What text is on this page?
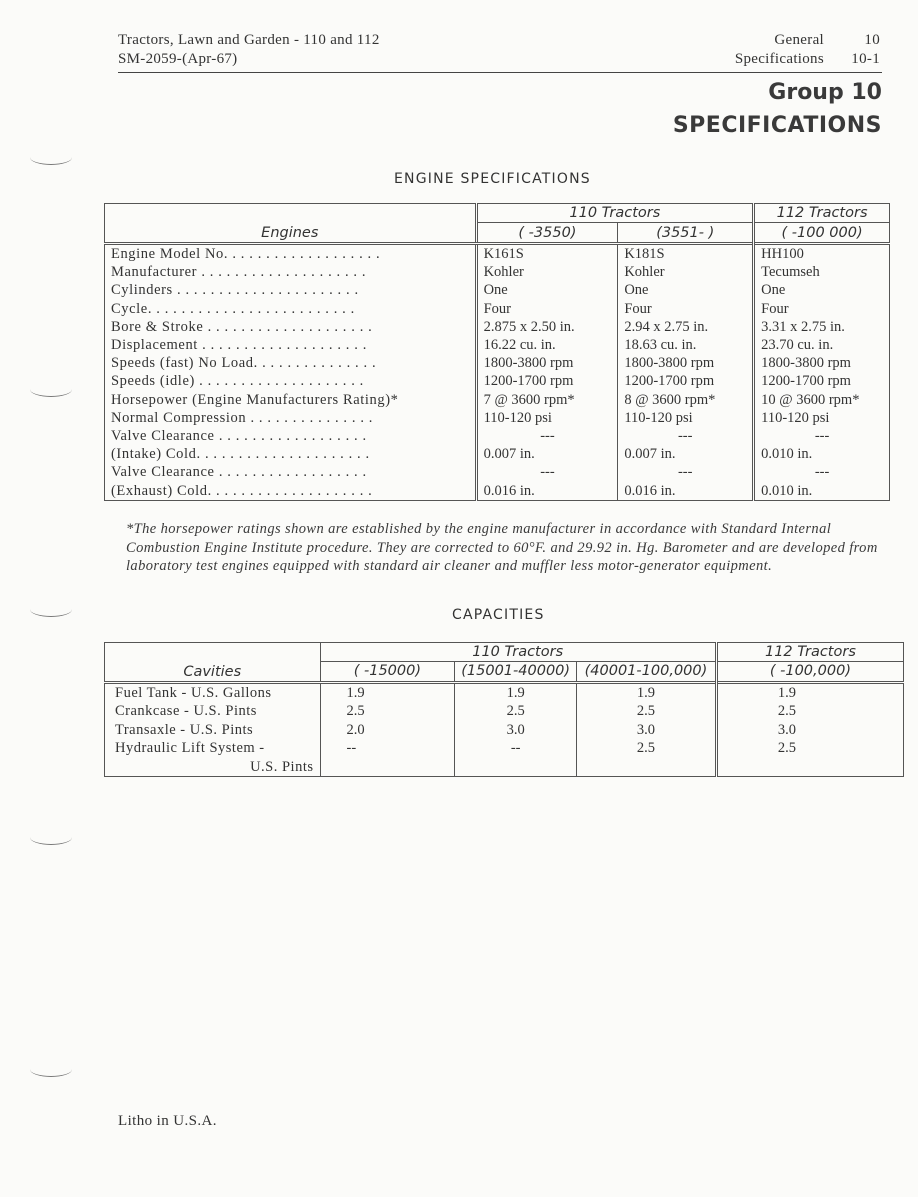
Tractors, Lawn and Garden - 110 and 112
SM-2059-(Apr-67)
General	10
Specifications	10-1
Group 10
SPECIFICATIONS
ENGINE SPECIFICATIONS
Engines	110 Tractors		112 Tractors
	( -3550)	(3551- )	( -100 000)
Engine Model No. . . . . . . . . . . . . . . . . . .	K161S	K181S	HH100
Manufacturer . . . . . . . . . . . . . . . . . . . .	Kohler	Kohler	Tecumseh
Cylinders . . . . . . . . . . . . . . . . . . . . . .	One	One	One
Cycle. . . . . . . . . . . . . . . . . . . . . . . . .	Four	Four	Four
Bore & Stroke . . . . . . . . . . . . . . . . . . . .	2.875 x 2.50 in.	2.94 x 2.75 in.	3.31 x 2.75 in.
Displacement . . . . . . . . . . . . . . . . . . . .	16.22 cu. in.	18.63 cu. in.	23.70 cu. in.
Speeds (fast) No Load. . . . . . . . . . . . . . .	1800-3800 rpm	1800-3800 rpm	1800-3800 rpm
Speeds (idle) . . . . . . . . . . . . . . . . . . . .	1200-1700 rpm	1200-1700 rpm	1200-1700 rpm
Horsepower (Engine Manufacturers Rating)*	7 @ 3600 rpm*	8 @ 3600 rpm*	10 @ 3600 rpm*
Normal Compression . . . . . . . . . . . . . . .	110-120 psi	110-120 psi	110-120 psi
Valve Clearance . . . . . . . . . . . . . . . . . .	---	---	---
(Intake) Cold. . . . . . . . . . . . . . . . . . . . .	0.007 in.	0.007 in.	0.010 in.
Valve Clearance . . . . . . . . . . . . . . . . . .	---	---	---
(Exhaust) Cold. . . . . . . . . . . . . . . . . . . .	0.016 in.	0.016 in.	0.010 in.
*The horsepower ratings shown are established by the engine manufacturer in accordance with Standard Internal Combustion Engine Institute procedure. They are corrected to 60°F. and 29.92 in. Hg. Barometer and are developed from laboratory test engines equipped with standard air cleaner and muffler less motor-generator equipment.
CAPACITIES
Cavities	110 Tractors			112 Tractors
	( -15000)	(15001-40000)	(40001-100,000)	( -100,000)
Fuel Tank - U.S. Gallons	1.9	1.9	1.9	1.9
Crankcase - U.S. Pints	2.5	2.5	2.5	2.5
Transaxle - U.S. Pints	2.0	3.0	3.0	3.0
Hydraulic Lift System -	--	--	2.5	2.5
U.S. Pints				
Litho in U.S.A.
